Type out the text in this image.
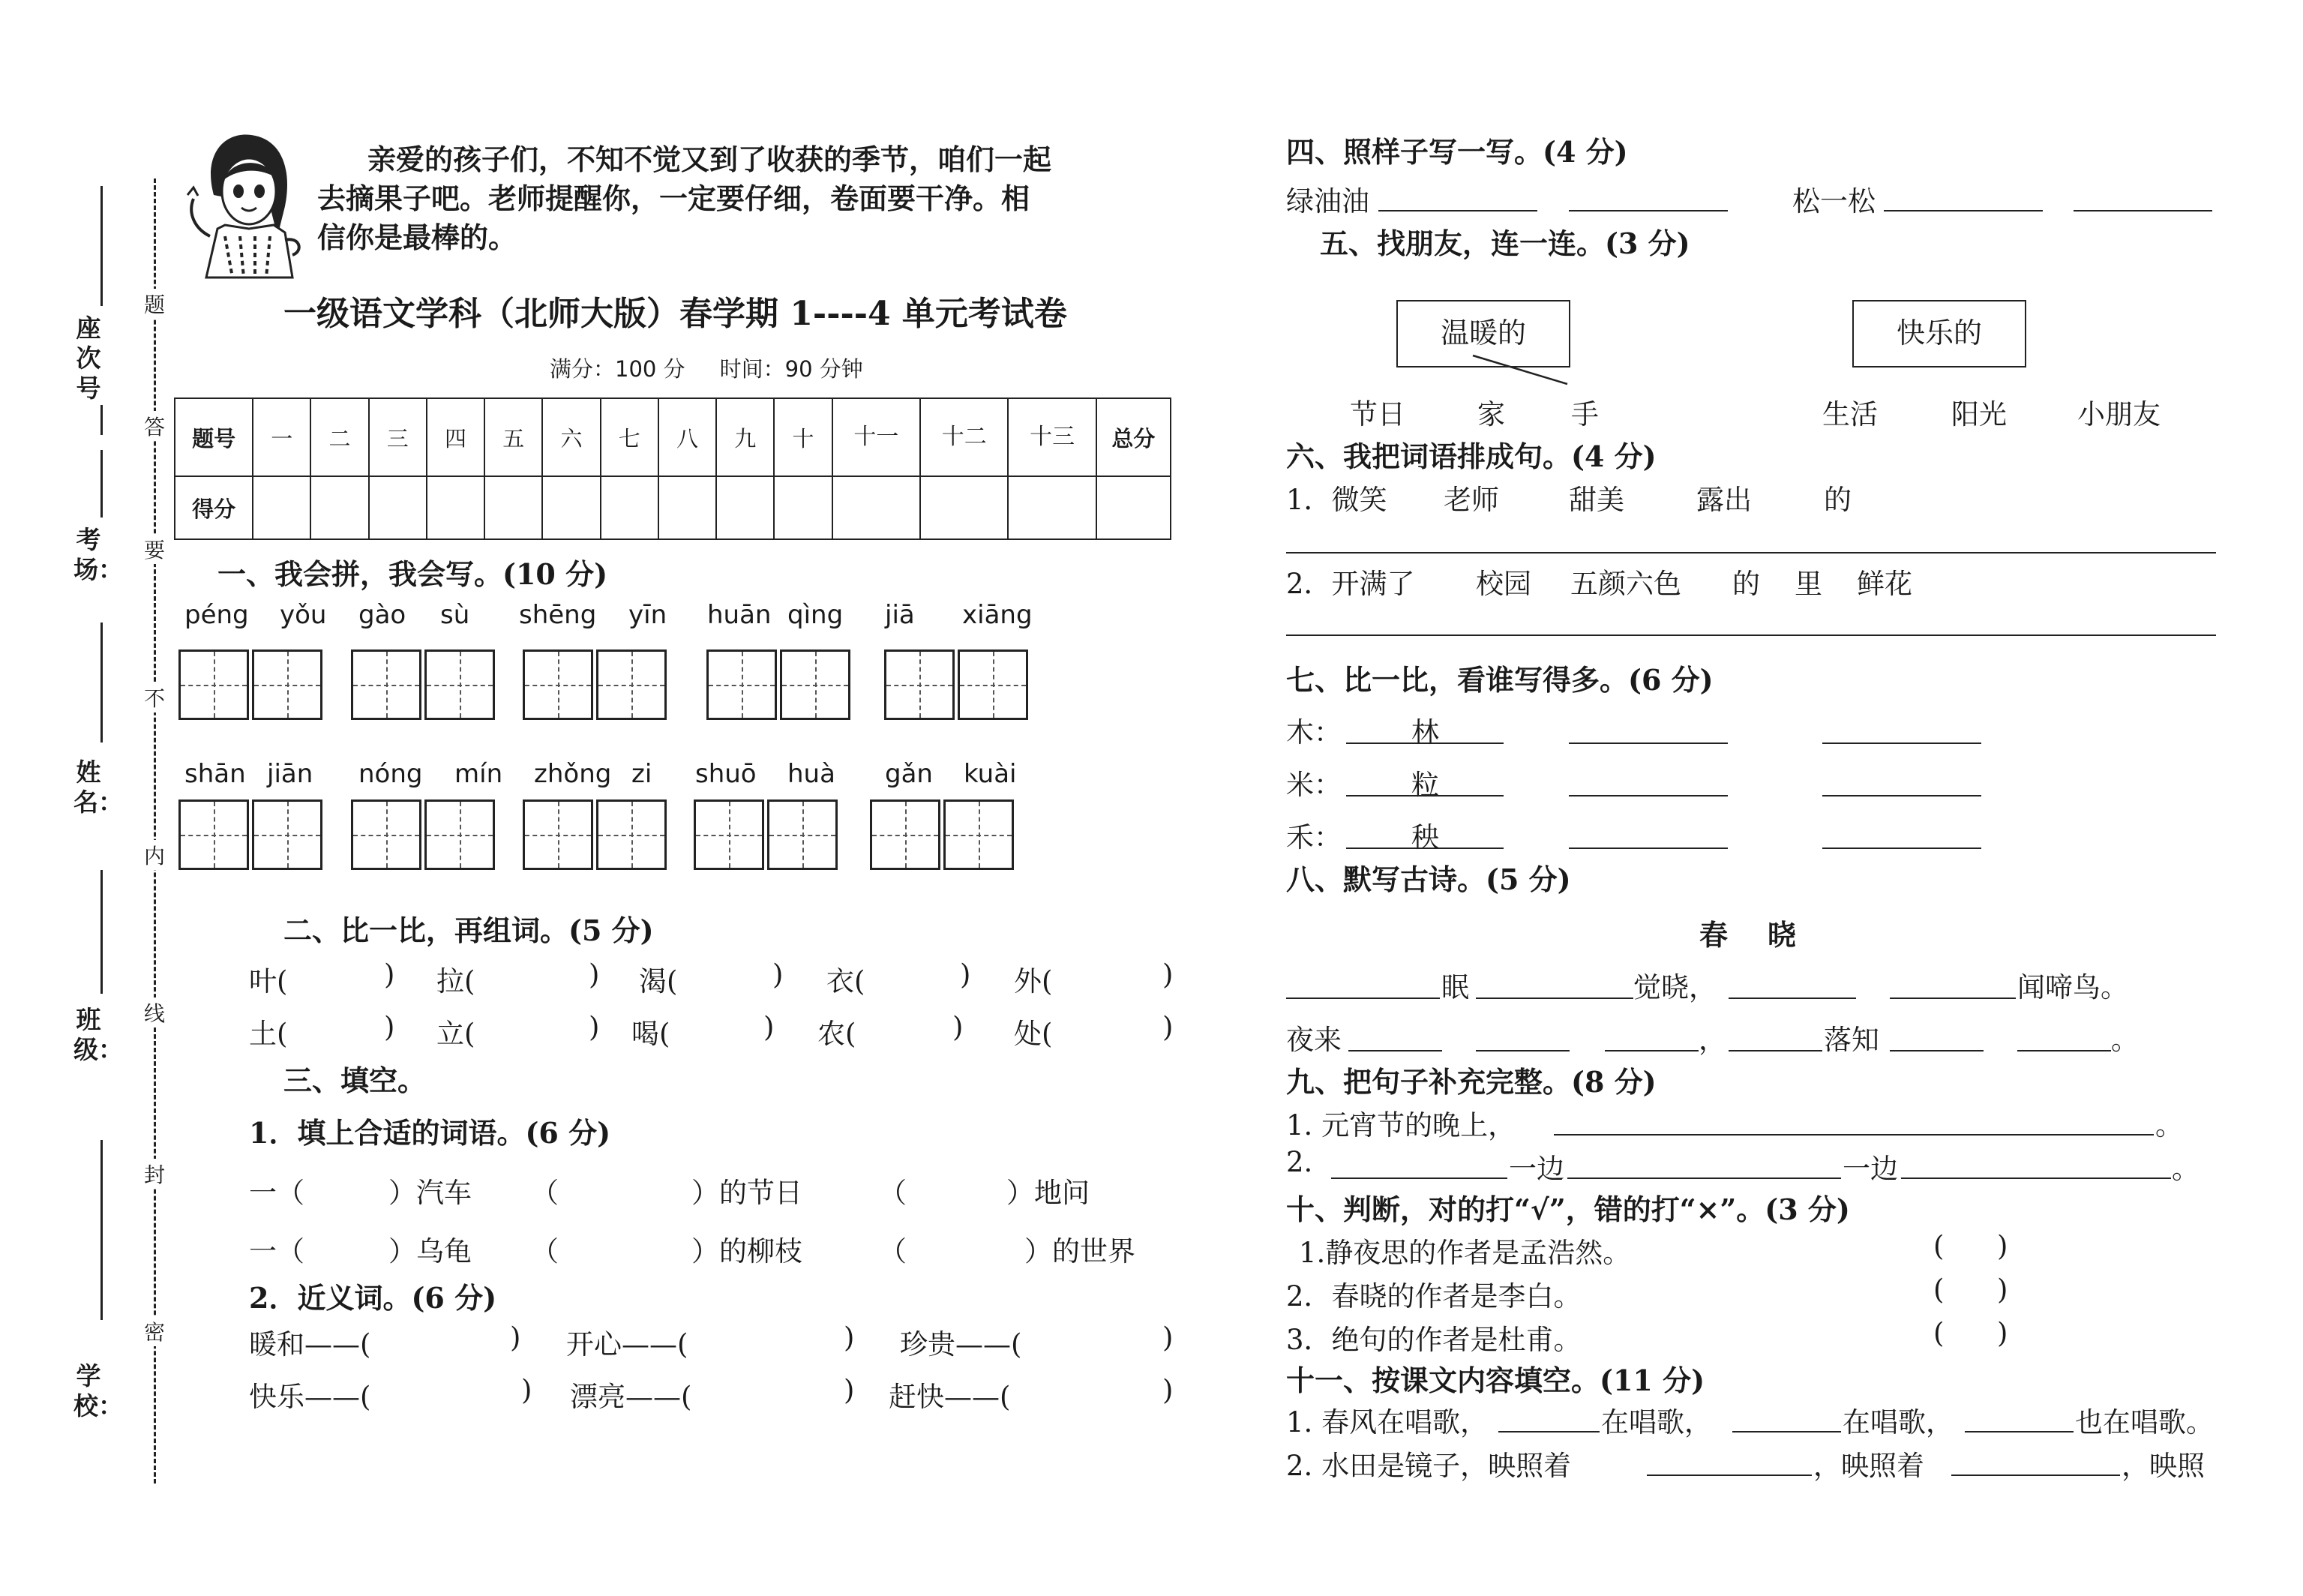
座次号
考场：
姓名：
班级：
学校：
题
答
要
不
内
线
封
密
亲爱的孩子们，不知不觉又到了收获的季节，咱们一起
去摘果子吧。老师提醒你，一定要仔细，卷面要干净。相
信你是最棒的。
一级语文学科（北师大版）春学期 1----4 单元考试卷
满分：100 分     时间：90 分钟
题号	一	二	三	四	五	六	七	八	九	十	十一	十二	十三	总分
得分														
一、我会拼，我会写。(10 分)
péng yǒu gào sù shēng yīn huān qìng jiā xiāng
shān jiān nóng mín zhǒng zi shuō huà gǎn kuài
二、比一比，再组词。(5 分)
叶(	) 拉(	) 渴(	) 衣(	) 外(	)
土(	) 立(	) 喝(	) 农(	) 处(	)
三、填空。
1．填上合适的词语。(6 分)
一（	）汽车 （	）的节日	（	）地问
一（	）乌龟 （	）的柳枝	（	）的世界
2．近义词。(6 分)
暖和——(	) 开心——(	) 珍贵——(	)
快乐——(	) 漂亮——(	) 赶快——(	)
四、照样子写一写。(4 分)
绿油油	松一松
五、找朋友，连一连。(3 分)
温暖的	快乐的
节日	家 手	生活	阳光	小朋友
六、我把词语排成句。(4 分)
1．微笑 老师	甜美	露出	的
2．开满了 校园 五颜六色 的 里 鲜花
七、比一比，看谁写得多。(6 分)
木：	林
米：	粒
禾：	秧
八、默写古诗。(5 分)
春    晓
眠	觉晓，	闻啼鸟。
夜来	，	落知	。
九、把句子补充完整。(8 分)
1. 元宵节的晚上，	。
2.	一边	一边	。
十、判断，对的打“√”，错的打“×”。(3 分)
1.静夜思的作者是孟浩然。	(      )
2．春晓的作者是李白。	(      )
3．绝句的作者是杜甫。	(      )
十一、按课文内容填空。(11 分)
1. 春风在唱歌，	在唱歌，	在唱歌，	也在唱歌。
2. 水田是镜子，映照着	，映照着	，映照
